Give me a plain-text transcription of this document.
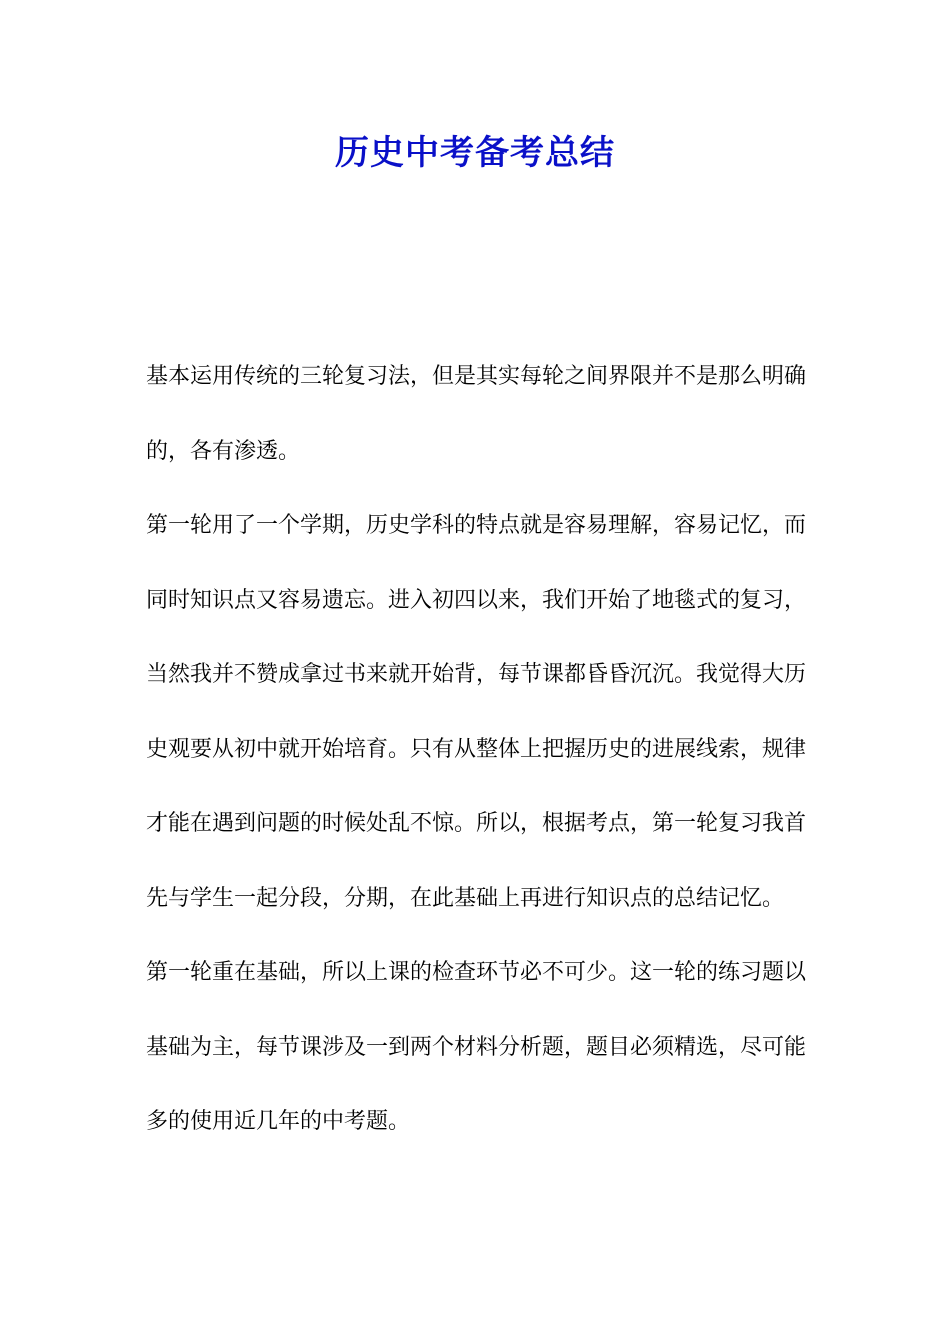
历史中考备考总结

基本运用传统的三轮复习法，但是其实每轮之间界限并不是那么明确的，各有渗透。

第一轮用了一个学期，历史学科的特点就是容易理解，容易记忆，而同时知识点又容易遗忘。进入初四以来，我们开始了地毯式的复习，当然我并不赞成拿过书来就开始背，每节课都昏昏沉沉。我觉得大历史观要从初中就开始培育。只有从整体上把握历史的进展线索，规律才能在遇到问题的时候处乱不惊。所以，根据考点，第一轮复习我首先与学生一起分段，分期，在此基础上再进行知识点的总结记忆。

第一轮重在基础，所以上课的检查环节必不可少。这一轮的练习题以基础为主，每节课涉及一到两个材料分析题，题目必须精选，尽可能多的使用近几年的中考题。
